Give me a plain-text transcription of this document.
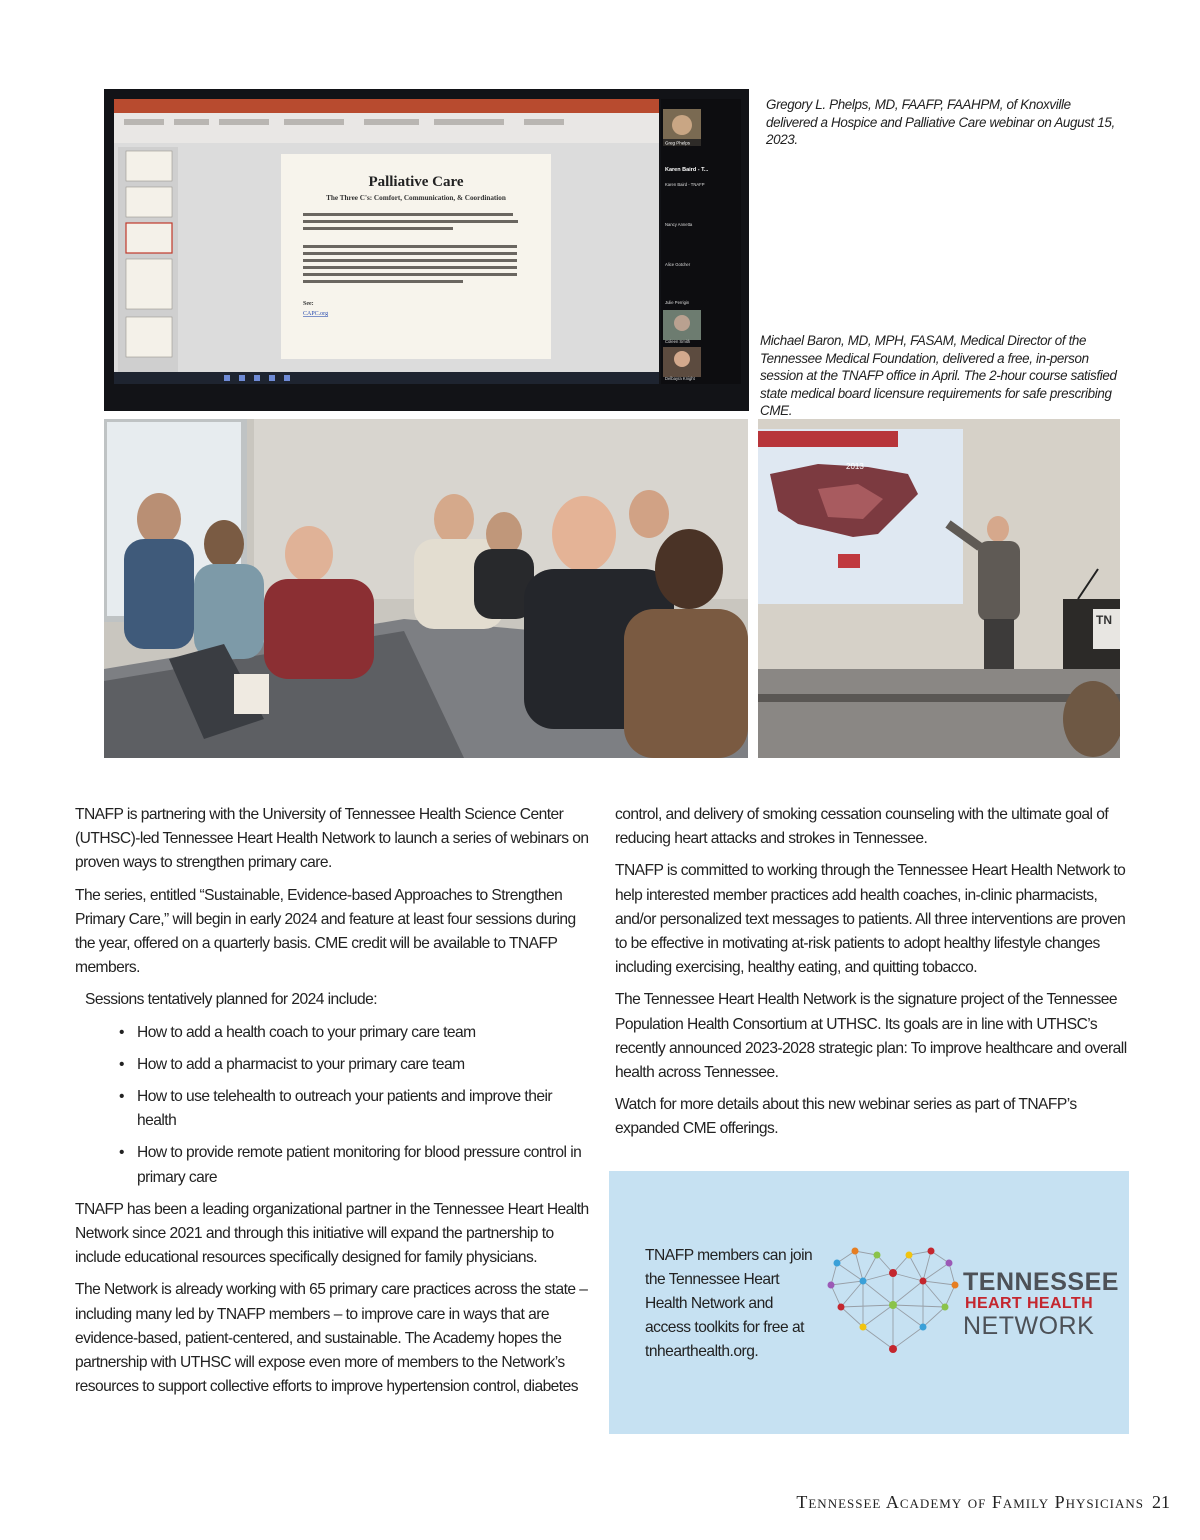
Palliative Care
The Three C's: Comfort, Communication, & Coordination
See:
CAPC.org
Greg Phelps
Karen Baird - T...
Karen Baird - TNAFP
Nancy Annetta
Alice Gotcher
Julie Perrigin
Coleen Smith
Delbayra Knight
Gregory L. Phelps, MD, FAAFP, FAAHPM, of Knoxville delivered a Hospice and Palliative Care webinar on August 15, 2023.
Michael Baron, MD, MPH, FASAM, Medical Director of the Tennessee Medical Foundation, delivered a free, in-person session at the TNAFP office in April. The 2-hour course satisfied state medical board licensure requirements for safe prescribing CME.
2013
TN

TNAFP is partnering with the University of Tennessee Health Science Center (UTHSC)-led Tennessee Heart Health Network to launch a series of webinars on proven ways to strengthen primary care.

The series, entitled “Sustainable, Evidence-based Approaches to Strengthen Primary Care,” will begin in early 2024 and feature at least four sessions during the year, offered on a quarterly basis. CME credit will be available to TNAFP members.

Sessions tentatively planned for 2024 include:

• How to add a health coach to your primary care team
• How to add a pharmacist to your primary care team
• How to use telehealth to outreach your patients and improve their health
• How to provide remote patient monitoring for blood pressure control in primary care

TNAFP has been a leading organizational partner in the Tennessee Heart Health Network since 2021 and through this initiative will expand the partnership to include educational resources specifically designed for family physicians.

The Network is already working with 65 primary care practices across the state – including many led by TNAFP members – to improve care in ways that are evidence-based, patient-centered, and sustainable. The Academy hopes the partnership with UTHSC will expose even more of members to the Network’s resources to support collective efforts to improve hypertension control, diabetes

control, and delivery of smoking cessation counseling with the ultimate goal of reducing heart attacks and strokes in Tennessee.

TNAFP is committed to working through the Tennessee Heart Health Network to help interested member practices add health coaches, in-clinic pharmacists, and/or personalized text messages to patients. All three interventions are proven to be effective in motivating at-risk patients to adopt healthy lifestyle changes including exercising, healthy eating, and quitting tobacco.

The Tennessee Heart Health Network is the signature project of the Tennessee Population Health Consortium at UTHSC. Its goals are in line with UTHSC’s recently announced 2023-2028 strategic plan: To improve healthcare and overall health across Tennessee.

Watch for more details about this new webinar series as part of TNAFP’s expanded CME offerings.

TNAFP members can join the Tennessee Heart Health Network and access toolkits for free at tnhearthealth.org.
TENNESSEE
HEART HEALTH
NETWORK
Tennessee Academy of Family Physicians 21
